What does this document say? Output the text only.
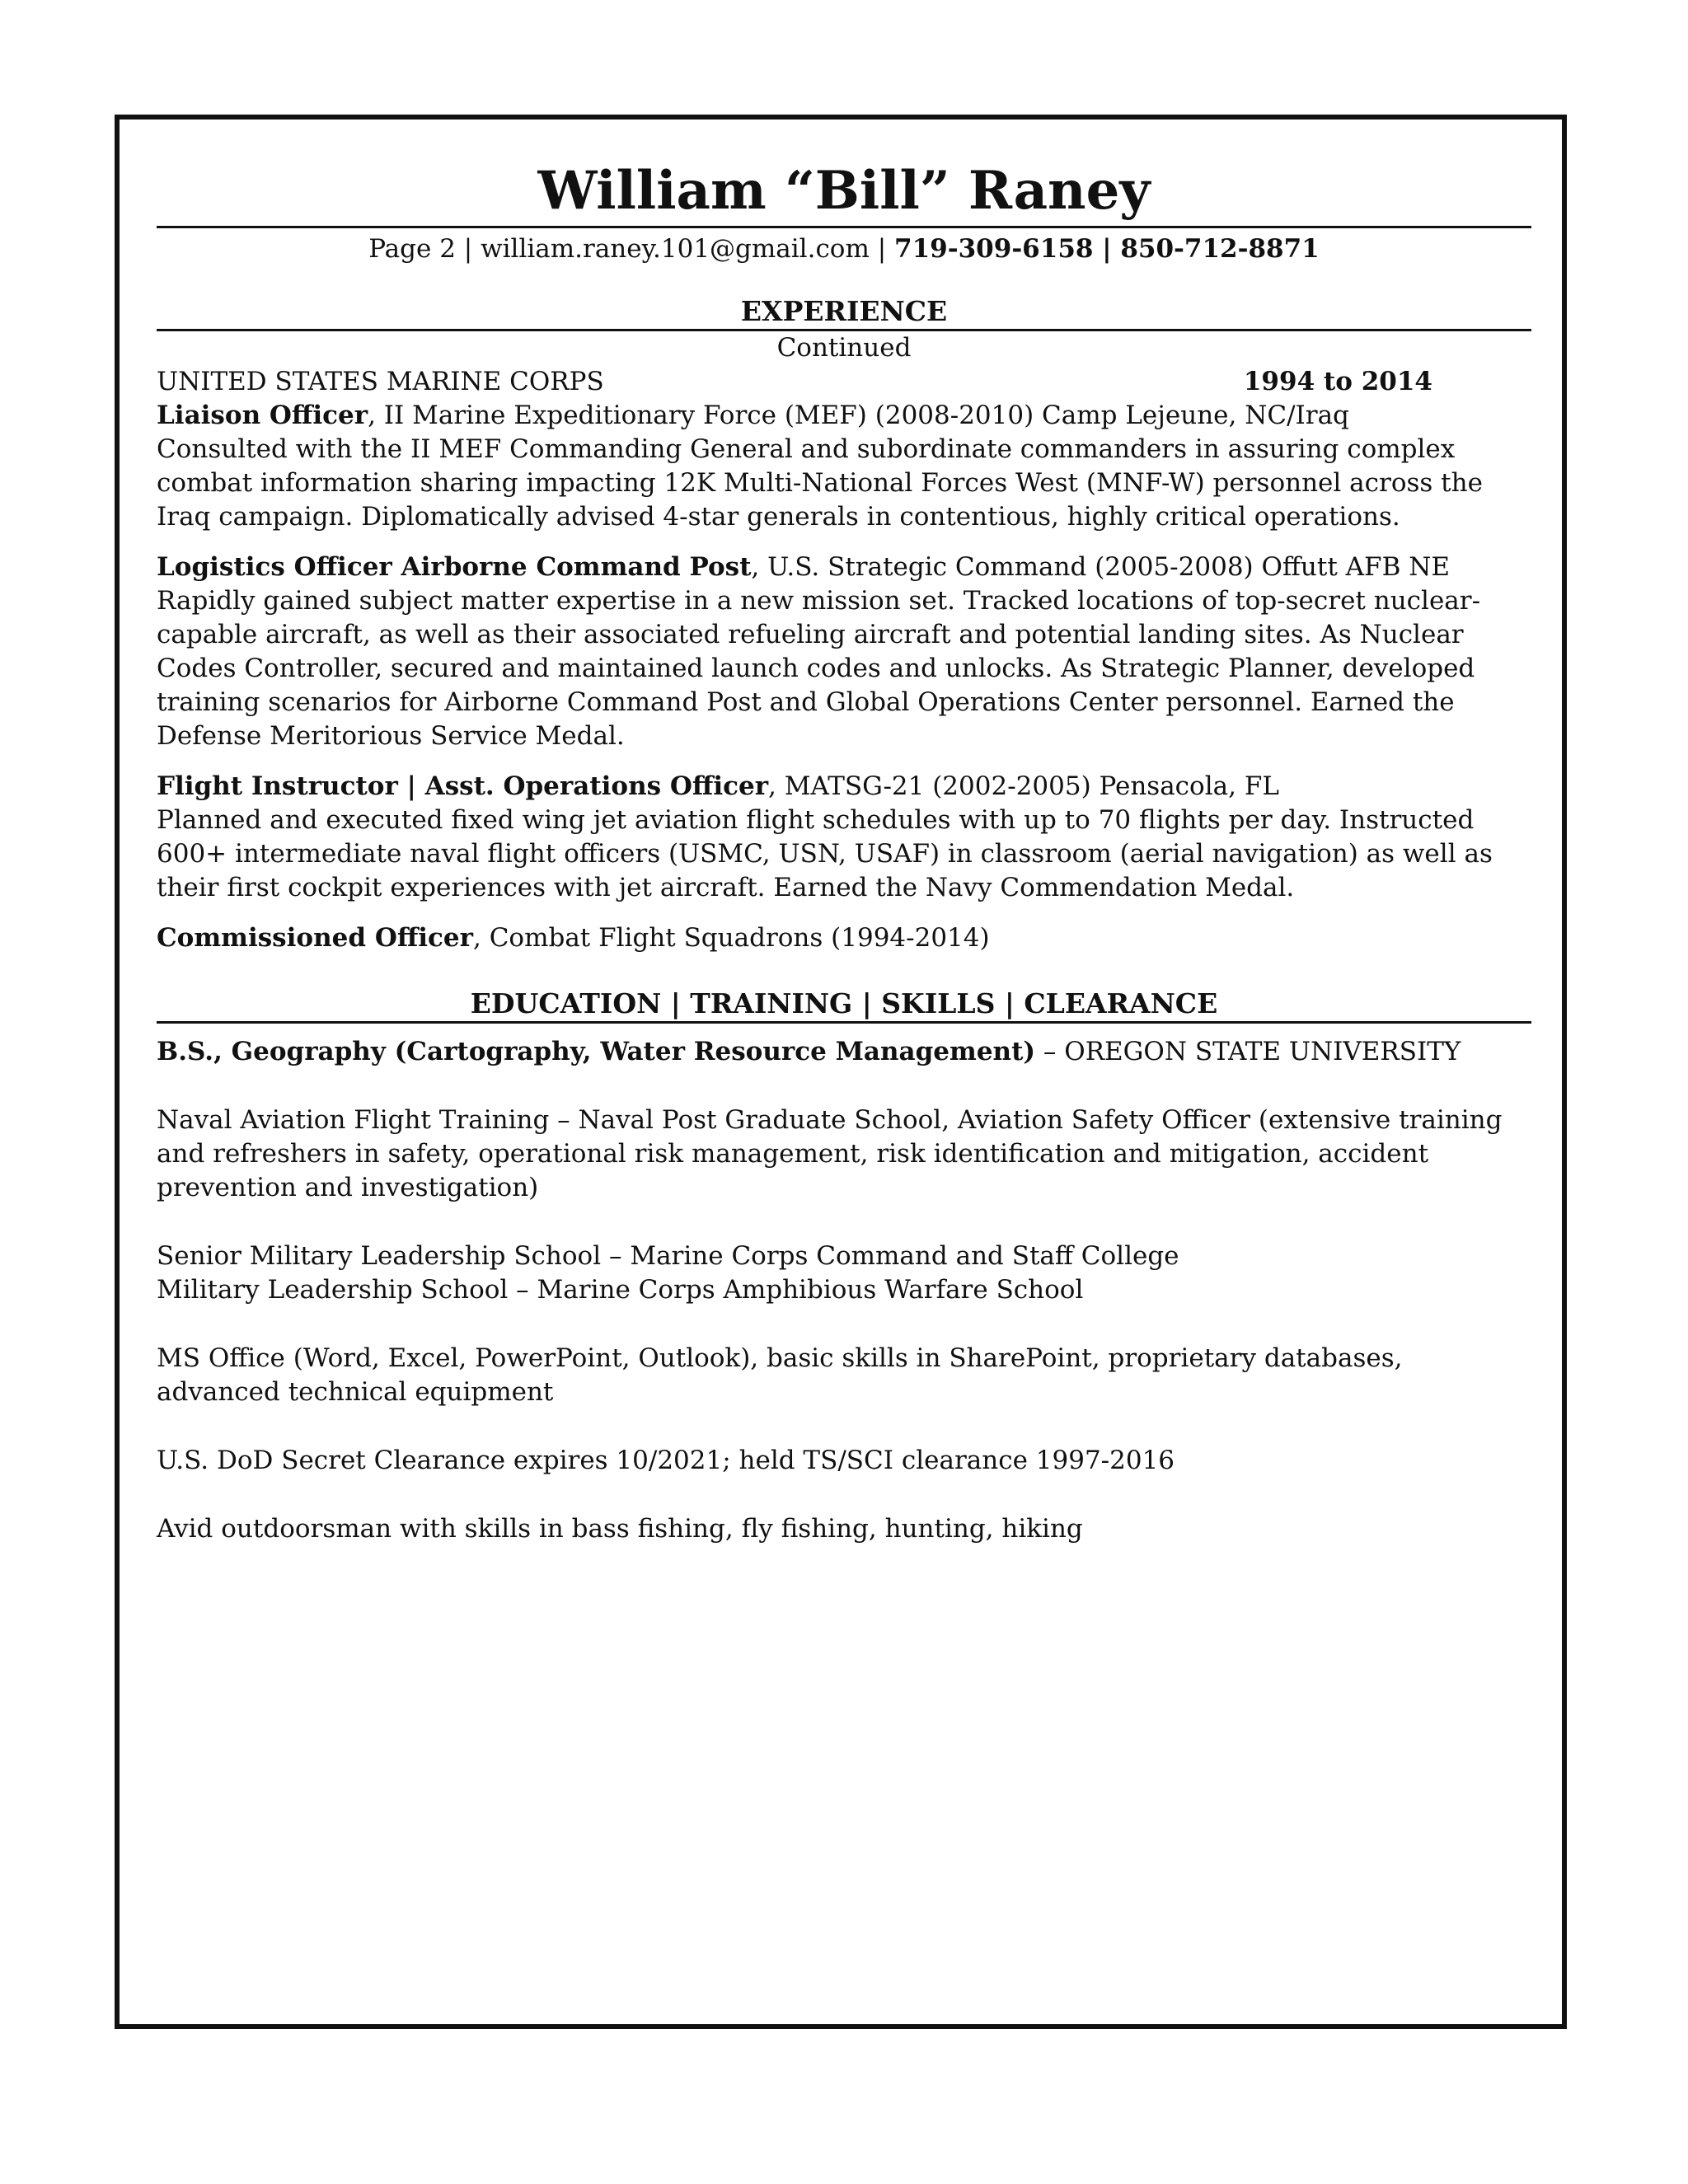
William “Bill” Raney
Page 2 | william.raney.101@gmail.com | 719-309-6158 | 850-712-8871
EXPERIENCE
Continued
UNITED STATES MARINE CORPS	1994 to 2014
Liaison Officer, II Marine Expeditionary Force (MEF) (2008-2010) Camp Lejeune, NC/Iraq
Consulted with the II MEF Commanding General and subordinate commanders in assuring complex combat information sharing impacting 12K Multi-National Forces West (MNF-W) personnel across the Iraq campaign. Diplomatically advised 4-star generals in contentious, highly critical operations.
Logistics Officer Airborne Command Post, U.S. Strategic Command (2005-2008) Offutt AFB NE
Rapidly gained subject matter expertise in a new mission set. Tracked locations of top-secret nuclear-capable aircraft, as well as their associated refueling aircraft and potential landing sites. As Nuclear Codes Controller, secured and maintained launch codes and unlocks. As Strategic Planner, developed training scenarios for Airborne Command Post and Global Operations Center personnel. Earned the Defense Meritorious Service Medal.
Flight Instructor | Asst. Operations Officer, MATSG-21 (2002-2005) Pensacola, FL
Planned and executed fixed wing jet aviation flight schedules with up to 70 flights per day. Instructed 600+ intermediate naval flight officers (USMC, USN, USAF) in classroom (aerial navigation) as well as their first cockpit experiences with jet aircraft. Earned the Navy Commendation Medal.
Commissioned Officer, Combat Flight Squadrons (1994-2014)
EDUCATION | TRAINING | SKILLS | CLEARANCE
B.S., Geography (Cartography, Water Resource Management) – OREGON STATE UNIVERSITY
Naval Aviation Flight Training – Naval Post Graduate School, Aviation Safety Officer (extensive training and refreshers in safety, operational risk management, risk identification and mitigation, accident prevention and investigation)

Senior Military Leadership School – Marine Corps Command and Staff College

Military Leadership School – Marine Corps Amphibious Warfare School

MS Office (Word, Excel, PowerPoint, Outlook), basic skills in SharePoint, proprietary databases, advanced technical equipment
U.S. DoD Secret Clearance expires 10/2021; held TS/SCI clearance 1997-2016
Avid outdoorsman with skills in bass fishing, fly fishing, hunting, hiking
